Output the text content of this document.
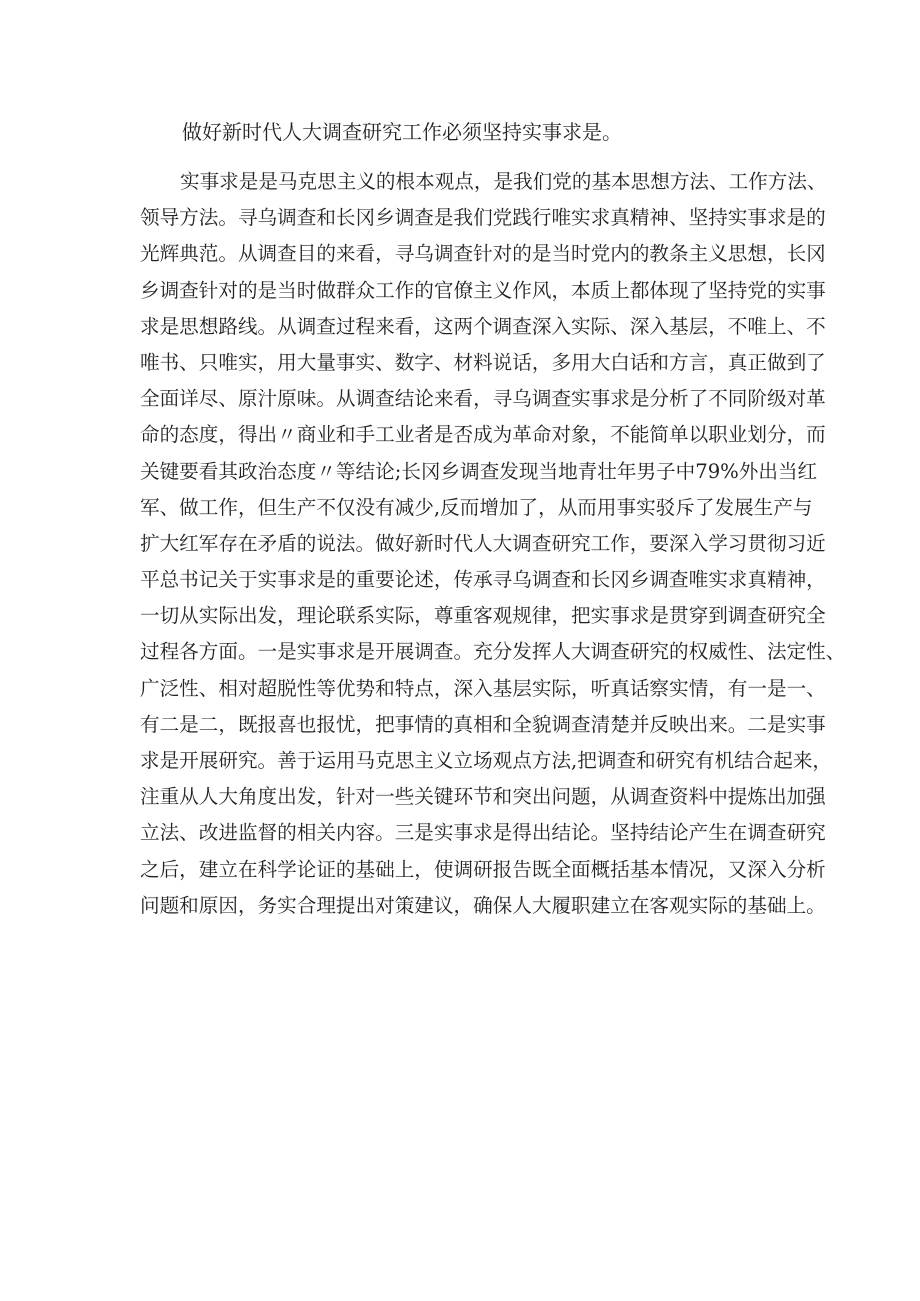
做好新时代人大调查研究工作必须坚持实事求是。
实事求是是马克思主义的根本观点，是我们党的基本思想方法、工作方法、
领导方法。寻乌调查和长冈乡调查是我们党践行唯实求真精神、坚持实事求是的
光辉典范。从调查目的来看，寻乌调查针对的是当时党内的教条主义思想，长冈
乡调查针对的是当时做群众工作的官僚主义作风，本质上都体现了坚持党的实事
求是思想路线。从调查过程来看，这两个调查深入实际、深入基层，不唯上、不
唯书、只唯实，用大量事实、数字、材料说话，多用大白话和方言，真正做到了
全面详尽、原汁原味。从调查结论来看，寻乌调查实事求是分析了不同阶级对革
命的态度，得出〃商业和手工业者是否成为革命对象，不能简单以职业划分，而
关键要看其政治态度〃等结论;长冈乡调查发现当地青壮年男子中79%外出当红
军、做工作，但生产不仅没有减少,反而增加了，从而用事实驳斥了发展生产与
扩大红军存在矛盾的说法。做好新时代人大调查研究工作，要深入学习贯彻习近
平总书记关于实事求是的重要论述，传承寻乌调查和长冈乡调查唯实求真精神，
一切从实际出发，理论联系实际，尊重客观规律，把实事求是贯穿到调查研究全
过程各方面。一是实事求是开展调查。充分发挥人大调查研究的权威性、法定性、
广泛性、相对超脱性等优势和特点，深入基层实际，听真话察实情，有一是一、
有二是二，既报喜也报忧，把事情的真相和全貌调查清楚并反映出来。二是实事
求是开展研究。善于运用马克思主义立场观点方法,把调查和研究有机结合起来，
注重从人大角度出发，针对一些关键环节和突出问题，从调查资料中提炼出加强
立法、改进监督的相关内容。三是实事求是得出结论。坚持结论产生在调查研究
之后，建立在科学论证的基础上，使调研报告既全面概括基本情况，又深入分析
问题和原因，务实合理提出对策建议，确保人大履职建立在客观实际的基础上。
